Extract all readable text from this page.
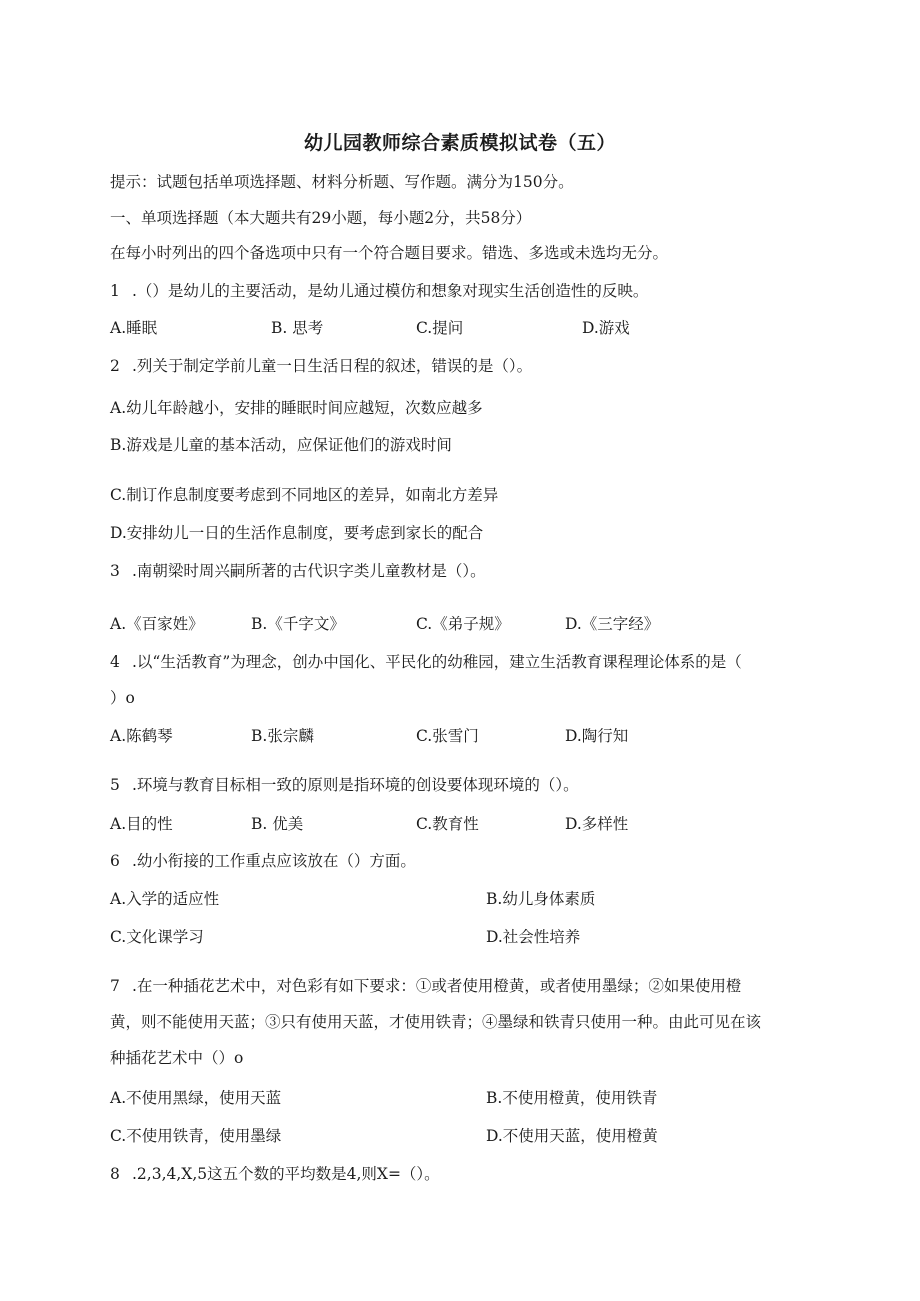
幼儿园教师综合素质模拟试卷（五）
提示：试题包括单项选择题、材料分析题、写作题。满分为150分。
一、单项选择题（本大题共有29小题，每小题2分，共58分）
在每小时列出的四个备选项中只有一个符合题目要求。错选、多选或未选均无分。
1 .（）是幼儿的主要活动，是幼儿通过模仿和想象对现实生活创造性的反映。
A.睡眠	B. 思考	C.提问	D.游戏
2 .列关于制定学前儿童一日生活日程的叙述，错误的是（）。
A.幼儿年龄越小，安排的睡眠时间应越短，次数应越多
B.游戏是儿童的基本活动，应保证他们的游戏时间
C.制订作息制度要考虑到不同地区的差异，如南北方差异
D.安排幼儿一日的生活作息制度，要考虑到家长的配合
3 .南朝梁时周兴嗣所著的古代识字类儿童教材是（）。
A.《百家姓》	B.《千字文》	C.《弟子规》	D.《三字经》
4 .以“生活教育”为理念，创办中国化、平民化的幼稚园，建立生活教育课程理论体系的是（
）o
A.陈鹤琴	B.张宗麟	C.张雪门	D.陶行知
5 .环境与教育目标相一致的原则是指环境的创设要体现环境的（）。
A.目的性	B. 优美	C.教育性	D.多样性
6 .幼小衔接的工作重点应该放在（）方面。
A.入学的适应性	B.幼儿身体素质
C.文化课学习	D.社会性培养
7 .在一种插花艺术中，对色彩有如下要求：①或者使用橙黄，或者使用墨绿；②如果使用橙
黄，则不能使用天蓝；③只有使用天蓝，才使用铁青；④墨绿和铁青只使用一种。由此可见在该
种插花艺术中（）o
A.不使用黑绿，使用天蓝	B.不使用橙黄，使用铁青
C.不使用铁青，使用墨绿	D.不使用天蓝，使用橙黄
8 .2,3,4,X,5这五个数的平均数是4,则X=（）。
